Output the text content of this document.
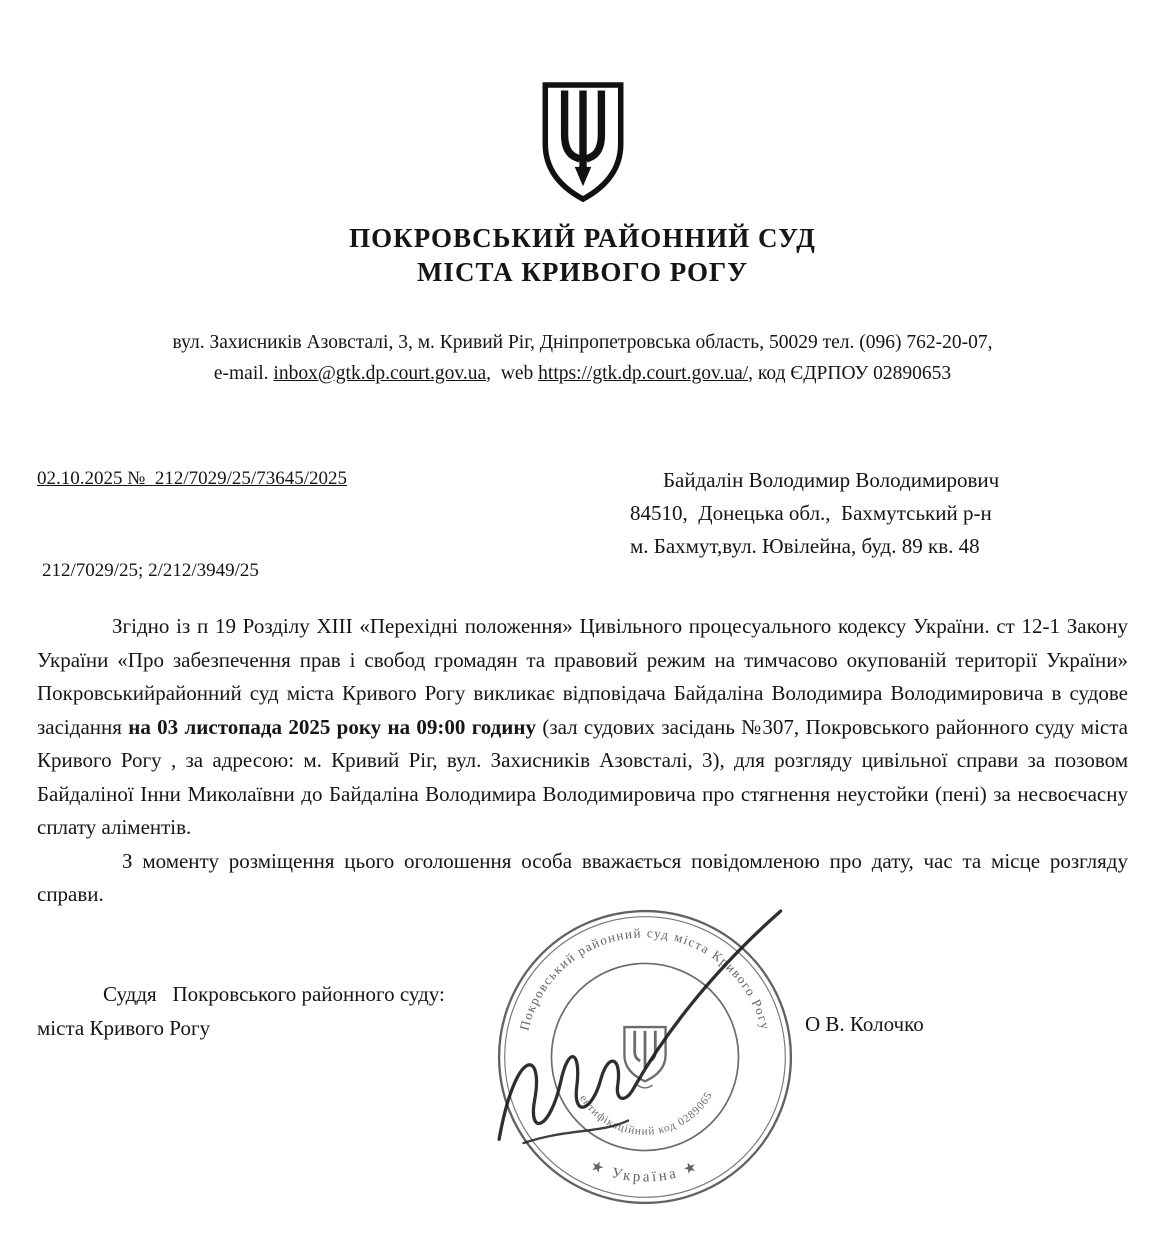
ПОКРОВСЬКИЙ РАЙОННИЙ СУД
МІСТА КРИВОГО РОГУ
вул. Захисників Азовсталі, 3, м. Кривий Ріг, Дніпропетровська область, 50029 тел. (096) 762-20-07,
e-mail. inbox@gtk.dp.court.gov.ua,  web https://gtk.dp.court.gov.ua/, код ЄДРПОУ 02890653
02.10.2025 №  212/7029/25/73645/2025	Байдалін Володимир Володимирович
84510,  Донецька обл.,  Бахмутський р-н
м. Бахмут,вул. Ювілейна, буд. 89 кв. 48
212/7029/25; 2/212/3949/25

Згідно із п 19 Розділу XIII «Перехідні положення» Цивільного процесуального кодексу України. ст 12-1 Закону України «Про забезпечення прав і свобод громадян та правовий режим на тимчасово окупованій території України» Покровськийрайонний суд міста Кривого Рогу викликає відповідача Байдаліна Володимира Володимировича в судове засідання на 03 листопада 2025 року на 09:00 годину (зал судових засідань №307, Покровського районного суду міста Кривого Рогу , за адресою: м. Кривий Ріг, вул. Захисників Азовсталі, 3), для розгляду цивільної справи за позовом Байдаліної Інни Миколаївни до Байдаліна Володимира Володимировича про стягнення неустойки (пені) за несвоєчасну сплату аліментів.

З моменту розміщення цього оголошення особа вважається повідомленою про дату, час та місце розгляду справи.

Суддя   Покровського районного суду:
міста Кривого Рогу	О В. Колочко
Покровський районний суд міста Кривого Рогу
★ Україна ★
ідентифікаційний код 02890653
